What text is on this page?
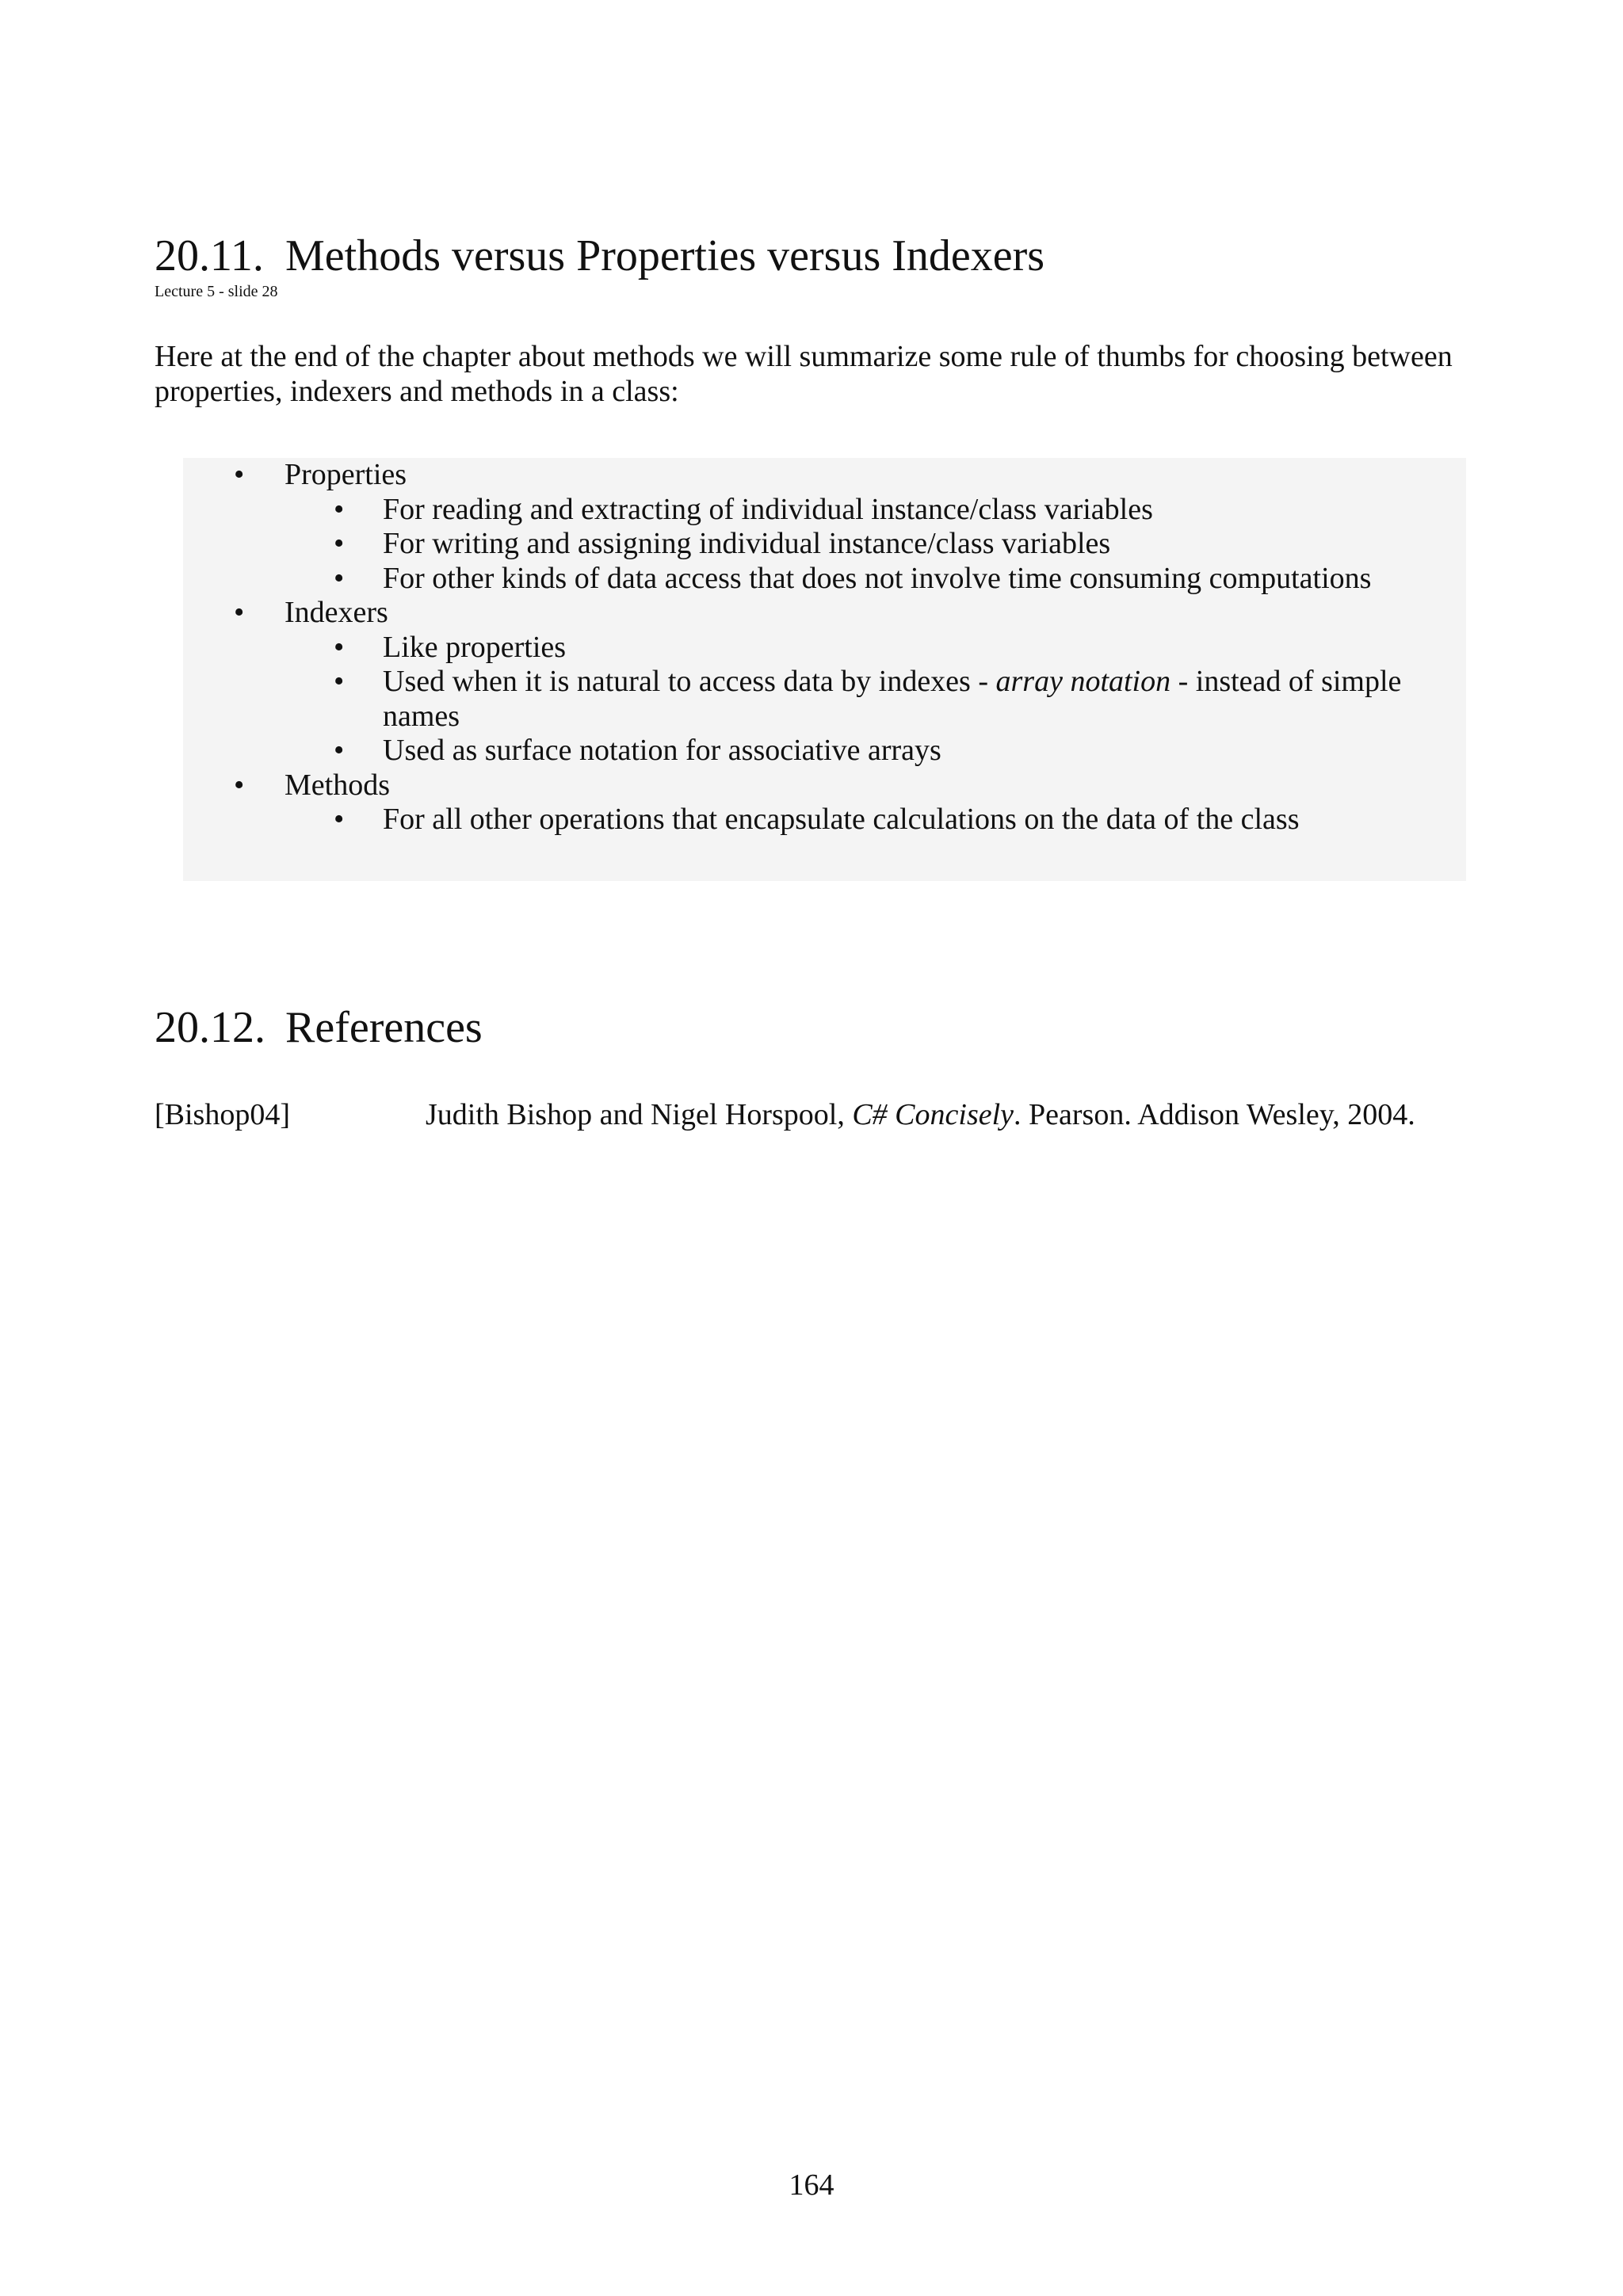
20.11. Methods versus Properties versus Indexers
Lecture 5 - slide 28

Here at the end of the chapter about methods we will summarize some rule of thumbs for choosing between properties, indexers and methods in a class:

• Properties
• For reading and extracting of individual instance/class variables
• For writing and assigning individual instance/class variables
• For other kinds of data access that does not involve time consuming computations
• Indexers
• Like properties
• Used when it is natural to access data by indexes - array notation - instead of simple names
• Used as surface notation for associative arrays
• Methods
• For all other operations that encapsulate calculations on the data of the class
20.12. References
[Bishop04]	Judith Bishop and Nigel Horspool, C# Concisely. Pearson. Addison Wesley, 2004.
164
